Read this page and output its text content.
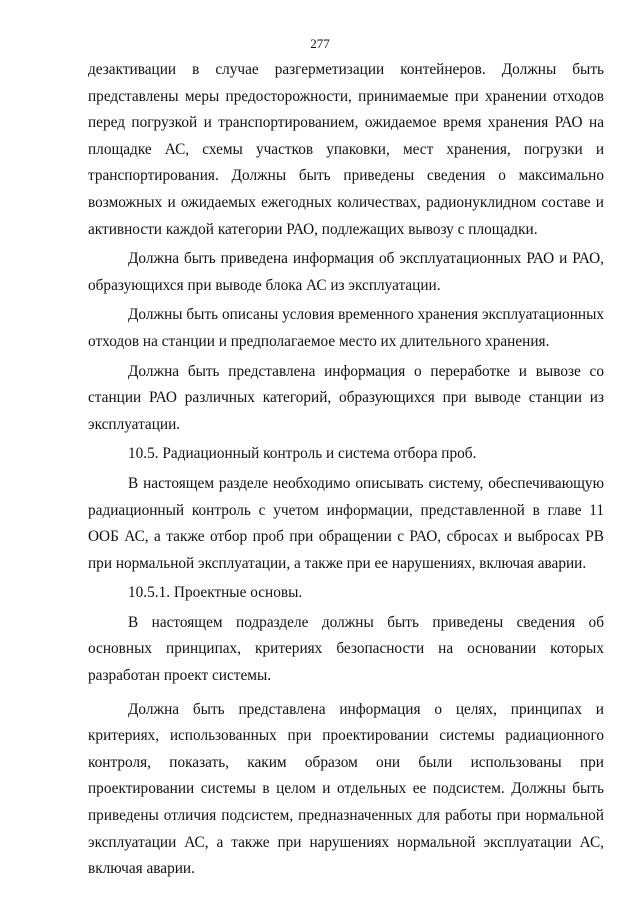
277

дезактивации в случае разгерметизации контейнеров. Должны быть представлены меры предосторожности, принимаемые при хранении отходов перед погрузкой и транспортированием, ожидаемое время хранения РАО на площадке АС, схемы участков упаковки, мест хранения, погрузки и транспортирования. Должны быть приведены сведения о максимально возможных и ожидаемых ежегодных количествах, радионуклидном составе и активности каждой категории РАО, подлежащих вывозу с площадки.

Должна быть приведена информация об эксплуатационных РАО и РАО, образующихся при выводе блока АС из эксплуатации.

Должны быть описаны условия временного хранения эксплуатационных отходов на станции и предполагаемое место их длительного хранения.

Должна быть представлена информация о переработке и вывозе со станции РАО различных категорий, образующихся при выводе станции из эксплуатации.

10.5. Радиационный контроль и система отбора проб.

В настоящем разделе необходимо описывать систему, обеспечивающую радиационный контроль с учетом информации, представленной в главе 11 ООБ АС, а также отбор проб при обращении с РАО, сбросах и выбросах РВ при нормальной эксплуатации, а также при ее нарушениях, включая аварии.

10.5.1. Проектные основы.

В настоящем подразделе должны быть приведены сведения об основных принципах, критериях безопасности на основании которых разработан проект системы.

Должна быть представлена информация о целях, принципах и критериях, использованных при проектировании системы радиационного контроля, показать, каким образом они были использованы при проектировании системы в целом и отдельных ее подсистем. Должны быть приведены отличия подсистем, предназначенных для работы при нормальной эксплуатации АС, а также при нарушениях нормальной эксплуатации АС, включая аварии.
